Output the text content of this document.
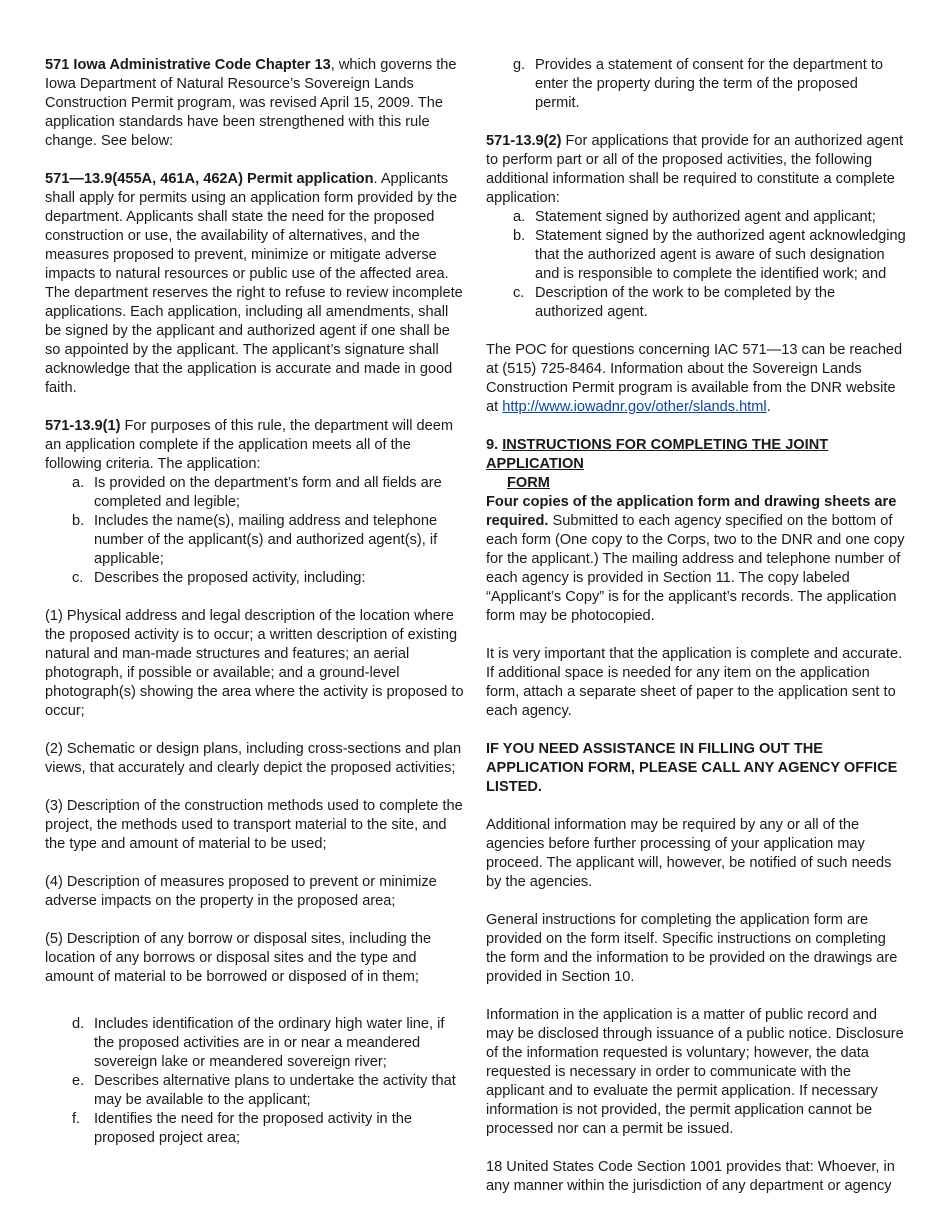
571 Iowa Administrative Code Chapter 13, which governs the Iowa Department of Natural Resource’s Sovereign Lands Construction Permit program, was revised April 15, 2009. The application standards have been strengthened with this rule change. See below:

571—13.9(455A, 461A, 462A) Permit application. Applicants shall apply for permits using an application form provided by the department. Applicants shall state the need for the proposed construction or use, the availability of alternatives, and the measures proposed to prevent, minimize or mitigate adverse impacts to natural resources or public use of the affected area. The department reserves the right to refuse to review incomplete applications. Each application, including all amendments, shall be signed by the applicant and authorized agent if one shall be so appointed by the applicant. The applicant’s signature shall acknowledge that the application is accurate and made in good faith.

571-13.9(1) For purposes of this rule, the department will deem an application complete if the application meets all of the following criteria. The application:

a. Is provided on the department’s form and all fields are completed and legible;
b. Includes the name(s), mailing address and telephone number of the applicant(s) and authorized agent(s), if applicable;
c. Describes the proposed activity, including:

(1) Physical address and legal description of the location where the proposed activity is to occur; a written description of existing natural and man-made structures and features; an aerial photograph, if possible or available; and a ground-level photograph(s) showing the area where the activity is proposed to occur;

(2) Schematic or design plans, including cross-sections and plan views, that accurately and clearly depict the proposed activities;

(3) Description of the construction methods used to complete the project, the methods used to transport material to the site, and the type and amount of material to be used;

(4) Description of measures proposed to prevent or minimize adverse impacts on the property in the proposed area;

(5) Description of any borrow or disposal sites, including the location of any borrows or disposal sites and the type and amount of material to be borrowed or disposed of in them;

d. Includes identification of the ordinary high water line, if the proposed activities are in or near a meandered sovereign lake or meandered sovereign river;
e. Describes alternative plans to undertake the activity that may be available to the applicant;
f. Identifies the need for the proposed activity in the proposed project area;
g. Provides a statement of consent for the department to enter the property during the term of the proposed permit.

571-13.9(2) For applications that provide for an authorized agent to perform part or all of the proposed activities, the following additional information shall be required to constitute a complete application:

a. Statement signed by authorized agent and applicant;
b. Statement signed by the authorized agent acknowledging that the authorized agent is aware of such designation and is responsible to complete the identified work; and
c. Description of the work to be completed by the authorized agent.

The POC for questions concerning IAC 571—13 can be reached at (515) 725-8464. Information about the Sovereign Lands Construction Permit program is available from the DNR website at http://www.iowadnr.gov/other/slands.html.

9. INSTRUCTIONS FOR COMPLETING THE JOINT APPLICATION
FORM

Four copies of the application form and drawing sheets are required. Submitted to each agency specified on the bottom of each form (One copy to the Corps, two to the DNR and one copy for the applicant.) The mailing address and telephone number of each agency is provided in Section 11. The copy labeled “Applicant’s Copy” is for the applicant’s records. The application form may be photocopied.

It is very important that the application is complete and accurate. If additional space is needed for any item on the application form, attach a separate sheet of paper to the application sent to each agency.

IF YOU NEED ASSISTANCE IN FILLING OUT THE APPLICATION FORM, PLEASE CALL ANY AGENCY OFFICE LISTED.

Additional information may be required by any or all of the agencies before further processing of your application may proceed. The applicant will, however, be notified of such needs by the agencies.

General instructions for completing the application form are provided on the form itself. Specific instructions on completing the form and the information to be provided on the drawings are provided in Section 10.

Information in the application is a matter of public record and may be disclosed through issuance of a public notice. Disclosure of the information requested is voluntary; however, the data requested is necessary in order to communicate with the applicant and to evaluate the permit application. If necessary information is not provided, the permit application cannot be processed nor can a permit be issued.

18 United States Code Section 1001 provides that: Whoever, in any manner within the jurisdiction of any department or agency
